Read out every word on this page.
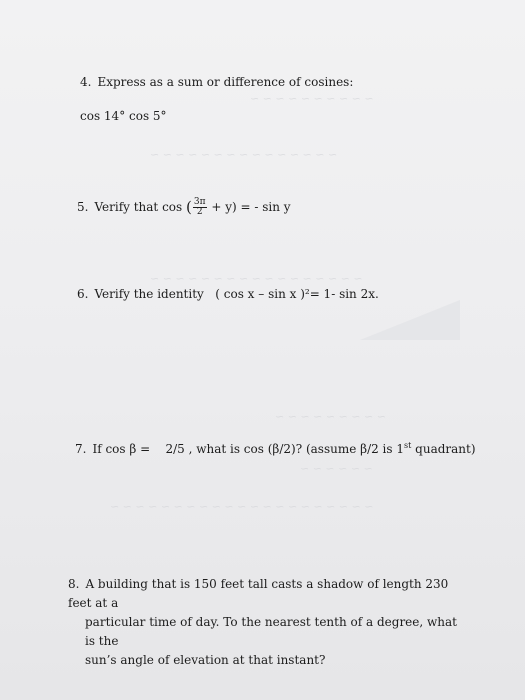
~ ~ ~ ~ ~ ~ ~ ~ ~ ~
~ ~ ~ ~ ~ ~ ~ ~ ~ ~ ~ ~ ~ ~ ~
~ ~ ~ ~ ~ ~ ~ ~ ~ ~ ~ ~ ~ ~ ~ ~ ~
~ ~ ~ ~ ~ ~ ~ ~ ~
~ ~ ~ ~ ~ ~
~ ~ ~ ~ ~ ~ ~ ~ ~ ~ ~ ~ ~ ~ ~ ~ ~ ~ ~ ~ ~
4. Express as a sum or difference of cosines:
cos 14° cos 5°
5. Verify that cos ( $\frac{3\pi}{2} + y$) = - sin y
6. Verify the identity ( cos x – sin x )²= 1- sin 2x.
7. If cos β = 2/5 , what is cos (β/2)? (assume β/2 is 1st quadrant)
8. A building that is 150 feet tall casts a shadow of length 230 feet at a
particular time of day. To the nearest tenth of a degree, what is the
sun’s angle of elevation at that instant?
